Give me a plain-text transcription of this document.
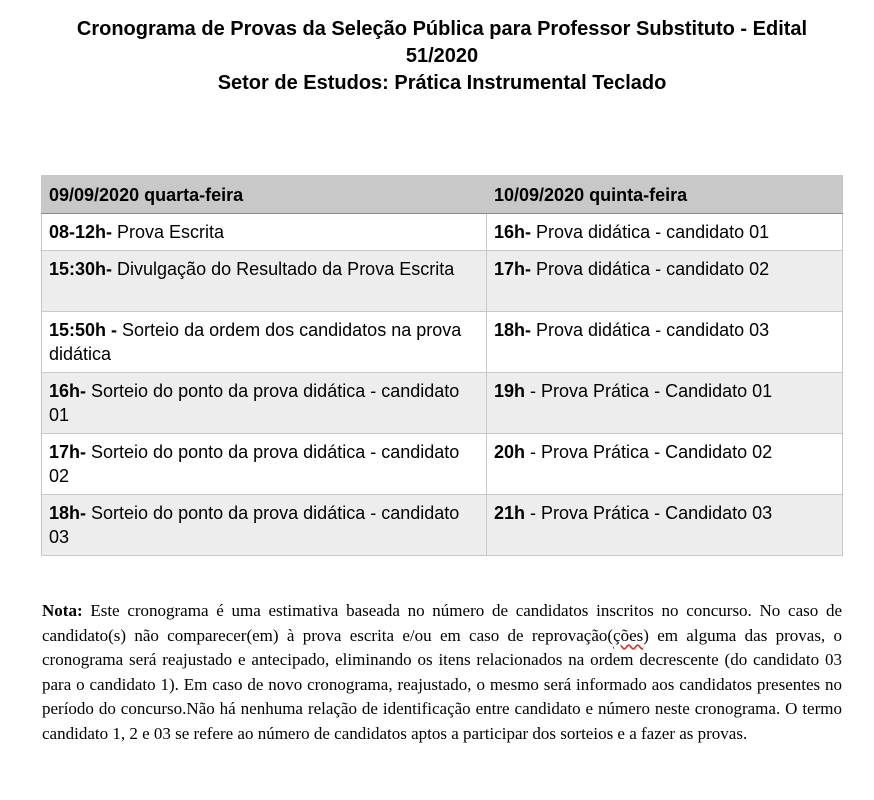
Cronograma de Provas da Seleção Pública para Professor Substituto - Edital
51/2020
Setor de Estudos: Prática Instrumental Teclado
09/09/2020 quarta-feira	10/09/2020 quinta-feira
08-12h- Prova Escrita	16h- Prova didática - candidato 01
15:30h- Divulgação do Resultado da Prova Escrita	17h- Prova didática - candidato 02
15:50h - Sorteio da ordem dos candidatos na prova didática	18h- Prova didática - candidato 03
16h- Sorteio do ponto da prova didática - candidato 01	19h - Prova Prática - Candidato 01
17h- Sorteio do ponto da prova didática - candidato 02	20h - Prova Prática - Candidato 02
18h- Sorteio do ponto da prova didática - candidato 03	21h - Prova Prática - Candidato 03
Nota: Este cronograma é uma estimativa baseada no número de candidatos inscritos no concurso. No caso de candidato(s) não comparecer(em) à prova escrita e/ou em caso de reprovação(ções) em alguma das provas, o cronograma será reajustado e antecipado, eliminando os itens relacionados na ordem decrescente (do candidato 03 para o candidato 1). Em caso de novo cronograma, reajustado, o mesmo será informado aos candidatos presentes no período do concurso.Não há nenhuma relação de identificação entre candidato e número neste cronograma. O termo candidato 1, 2 e 03 se refere ao número de candidatos aptos a participar dos sorteios e a fazer as provas.
